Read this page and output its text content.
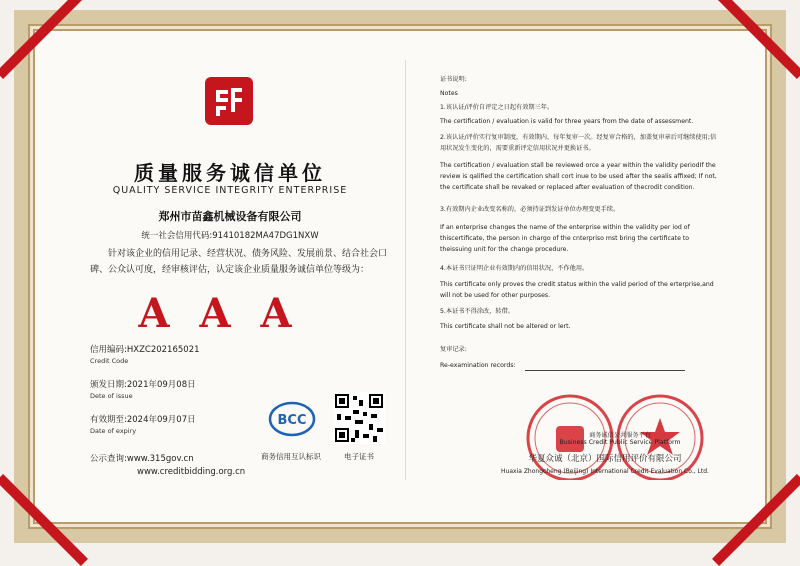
质量服务诚信单位
QUALITY SERVICE INTEGRITY ENTERPRISE
郑州市苗鑫机械设备有限公司
统一社会信用代码:91410182MA47DG1NXW
针对该企业的信用记录、经营状况、债务风险、发展前景、结合社会口碑、公众认可度，经审核评估，认定该企业质量服务诚信单位等级为：
AAA
信用编码:HXZC202165021
Credit Code
颁发日期:2021年09月08日
Dete of issue
有效期至:2024年09月07日
Date of expiry
公示查询:www.315gov.cn
www.creditbidding.org.cn
BCC
商务信用互认标识	电子证书
证书说明:
Notes
1.该认证/评价自评定之日起有效期三年。
The certification / evaluation is valid for three years from the date of assessment.
2.该认证/评价实行复审制度，有效期内，每年复审一次。经复审合格的，加盖复审章后可继续使用;信用状况发生变化的，需要重新评定信用状况并更换证书。
The certification / evaluation stall be reviewed orce a year within the validity periodIf the review is qalified the certification shall cort inue to be used after the sealis affixed; If not, the certificate shall be revaked or replaced after evaluation of thecrodit condition.
3.有效期内企业改变名称的，必须持证到发证单位办理变更手续。
If an enterprise changes the name of the enterprise within the validity per iod of thiscertificate, the person in chargo of the cnterpriso mst bring the certificate to theissuing unit for the change procedure.
4.本证书只证明企业有效期内的信用状况，不作他用。
This certificate only proves the credit status within the valid period of the erterprise,and will not be used for other purposes.
5.本证书不得涂改，转借。
This certificate shall not be altered or lert.
复审记录:
Re-examination records:
商务诚信公共服务平台
Business Credit Public Service Platform
华夏众诚（北京）国际信用评价有限公司
Huaxia Zhongcheng (Beijing) International Credit Evaluation Co., Ltd.
